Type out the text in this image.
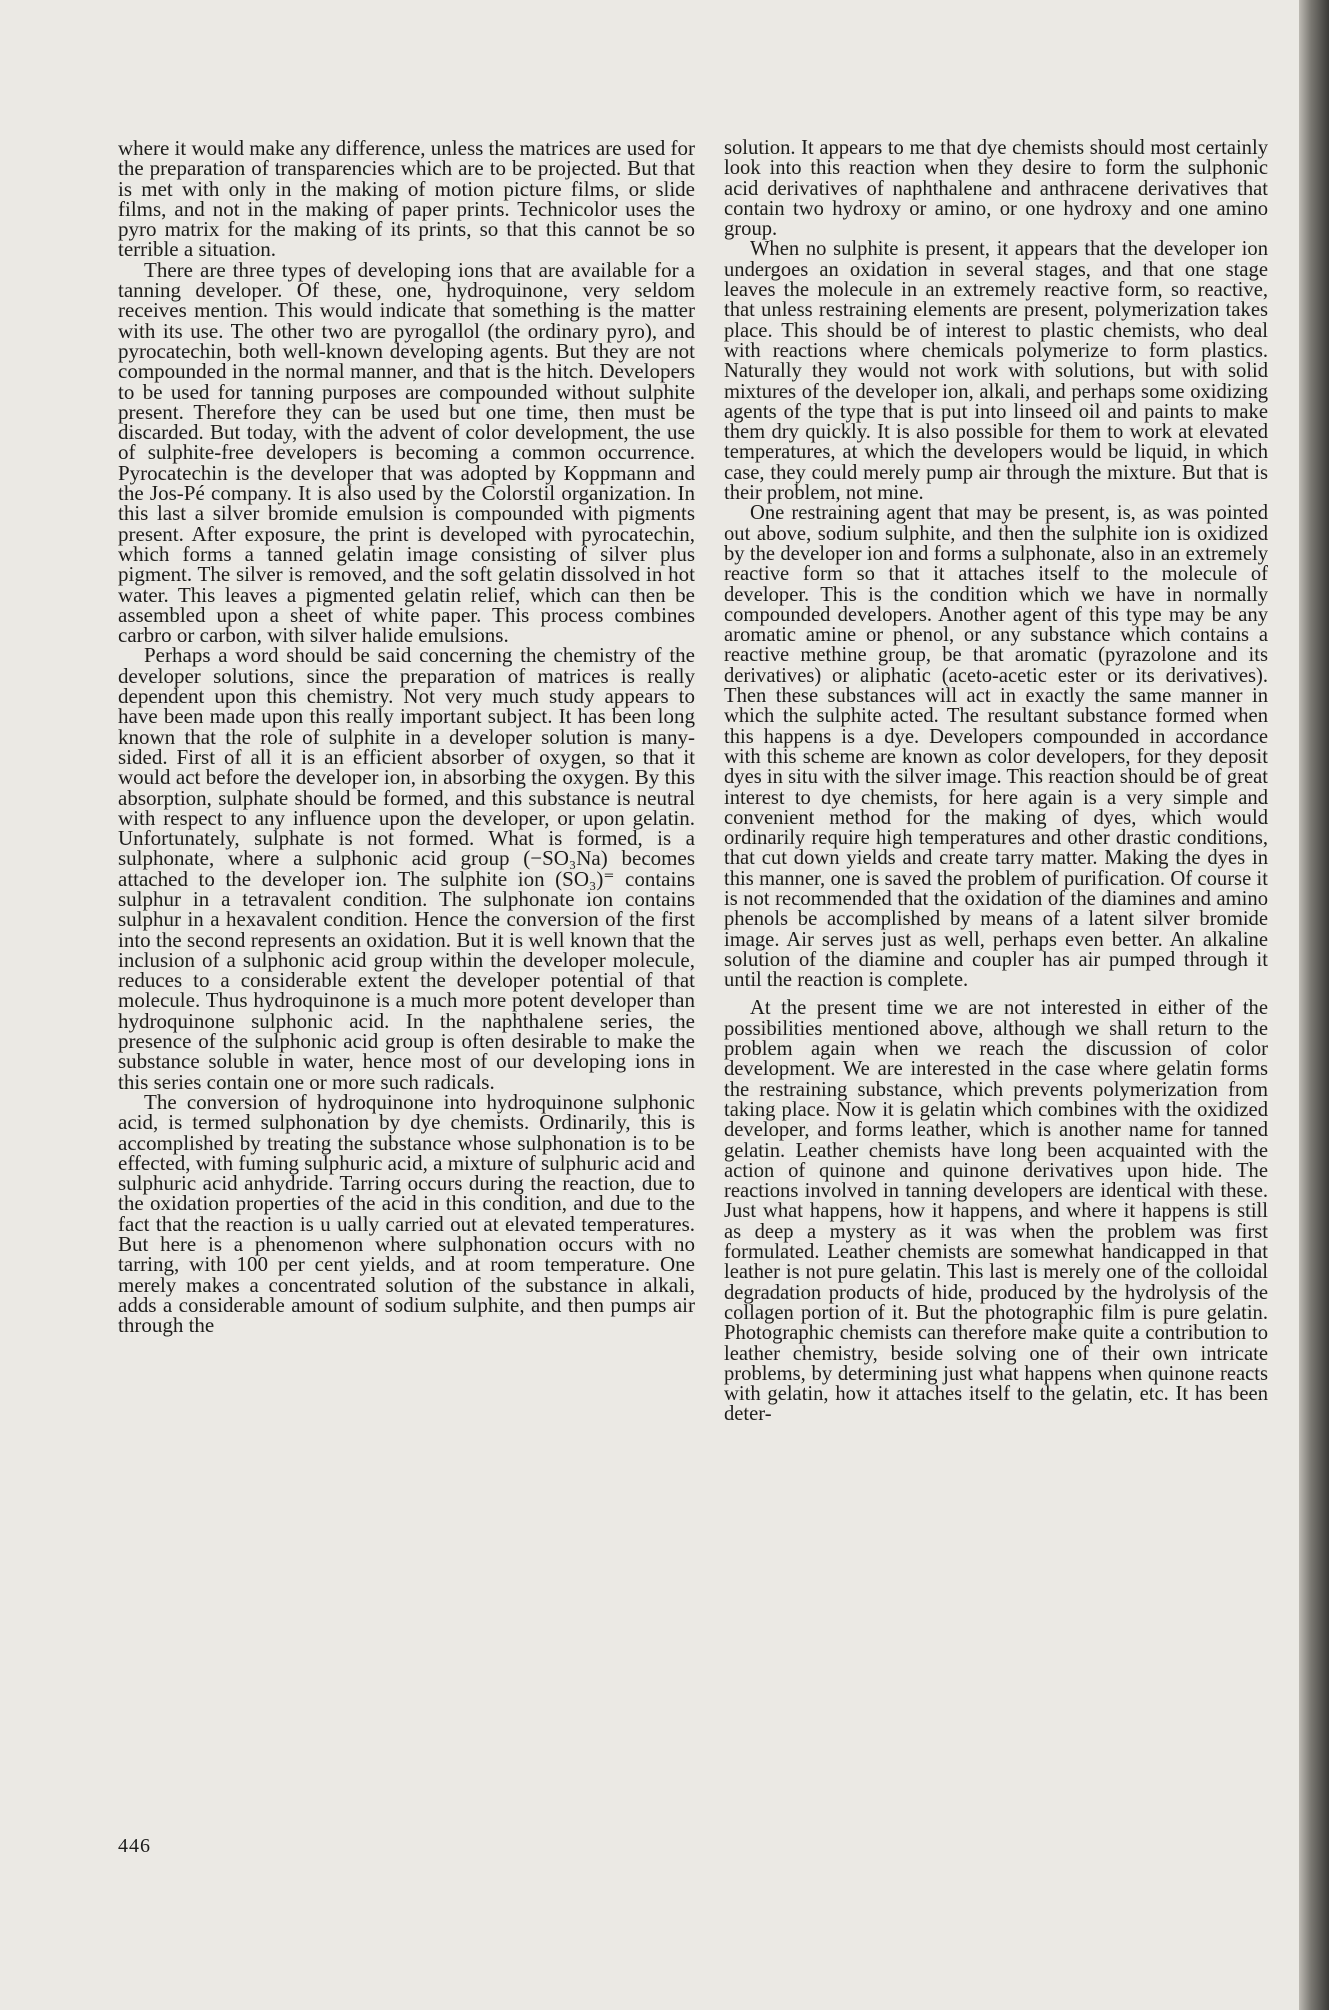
where it would make any difference, unless the matrices are used for the preparation of transparencies which are to be projected. But that is met with only in the making of motion picture films, or slide films, and not in the making of paper prints. Technicolor uses the pyro matrix for the making of its prints, so that this cannot be so terrible a situation.

There are three types of developing ions that are available for a tanning developer. Of these, one, hydroquinone, very seldom receives mention. This would indicate that something is the matter with its use. The other two are pyrogallol (the ordinary pyro), and pyrocatechin, both well-known developing agents. But they are not compounded in the normal manner, and that is the hitch. Developers to be used for tanning purposes are compounded without sulphite present. Therefore they can be used but one time, then must be discarded. But today, with the advent of color development, the use of sulphite-free developers is becoming a common occurrence. Pyrocatechin is the developer that was adopted by Koppmann and the Jos-Pé company. It is also used by the Colorstil organization. In this last a silver bromide emulsion is compounded with pigments present. After exposure, the print is developed with pyrocatechin, which forms a tanned gelatin image consisting of silver plus pigment. The silver is removed, and the soft gelatin dissolved in hot water. This leaves a pigmented gelatin relief, which can then be assembled upon a sheet of white paper. This process combines carbro or carbon, with silver halide emulsions.

Perhaps a word should be said concerning the chemistry of the developer solutions, since the preparation of matrices is really dependent upon this chemistry. Not very much study appears to have been made upon this really important subject. It has been long known that the role of sulphite in a developer solution is many-sided. First of all it is an efficient absorber of oxygen, so that it would act before the developer ion, in absorbing the oxygen. By this absorption, sulphate should be formed, and this substance is neutral with respect to any influence upon the developer, or upon gelatin. Unfortunately, sulphate is not formed. What is formed, is a sulphonate, where a sulphonic acid group (−SO₃Na) becomes attached to the developer ion. The sulphite ion (SO₃)⁼ contains sulphur in a tetravalent condition. The sulphonate ion contains sulphur in a hexavalent condition. Hence the conversion of the first into the second represents an oxidation. But it is well known that the inclusion of a sulphonic acid group within the developer molecule, reduces to a considerable extent the developer potential of that molecule. Thus hydroquinone is a much more potent developer than hydroquinone sulphonic acid. In the naphthalene series, the presence of the sulphonic acid group is often desirable to make the substance soluble in water, hence most of our developing ions in this series contain one or more such radicals.

The conversion of hydroquinone into hydroquinone sulphonic acid, is termed sulphonation by dye chemists. Ordinarily, this is accomplished by treating the substance whose sulphonation is to be effected, with fuming sulphuric acid, a mixture of sulphuric acid and sulphuric acid anhydride. Tarring occurs during the reaction, due to the oxidation properties of the acid in this condition, and due to the fact that the reaction is u ually carried out at elevated temperatures. But here is a phenomenon where sulphonation occurs with no tarring, with 100 per cent yields, and at room temperature. One merely makes a concentrated solution of the substance in alkali, adds a considerable amount of sodium sulphite, and then pumps air through the

solution. It appears to me that dye chemists should most certainly look into this reaction when they desire to form the sulphonic acid derivatives of naphthalene and anthracene derivatives that contain two hydroxy or amino, or one hydroxy and one amino group.

When no sulphite is present, it appears that the developer ion undergoes an oxidation in several stages, and that one stage leaves the molecule in an extremely reactive form, so reactive, that unless restraining elements are present, polymerization takes place. This should be of interest to plastic chemists, who deal with reactions where chemicals polymerize to form plastics. Naturally they would not work with solutions, but with solid mixtures of the developer ion, alkali, and perhaps some oxidizing agents of the type that is put into linseed oil and paints to make them dry quickly. It is also possible for them to work at elevated temperatures, at which the developers would be liquid, in which case, they could merely pump air through the mixture. But that is their problem, not mine.

One restraining agent that may be present, is, as was pointed out above, sodium sulphite, and then the sulphite ion is oxidized by the developer ion and forms a sulphonate, also in an extremely reactive form so that it attaches itself to the molecule of developer. This is the condition which we have in normally compounded developers. Another agent of this type may be any aromatic amine or phenol, or any substance which contains a reactive methine group, be that aromatic (pyrazolone and its derivatives) or aliphatic (aceto-acetic ester or its derivatives). Then these substances will act in exactly the same manner in which the sulphite acted. The resultant substance formed when this happens is a dye. Developers compounded in accordance with this scheme are known as color developers, for they deposit dyes in situ with the silver image. This reaction should be of great interest to dye chemists, for here again is a very simple and convenient method for the making of dyes, which would ordinarily require high temperatures and other drastic conditions, that cut down yields and create tarry matter. Making the dyes in this manner, one is saved the problem of purification. Of course it is not recommended that the oxidation of the diamines and amino phenols be accomplished by means of a latent silver bromide image. Air serves just as well, perhaps even better. An alkaline solution of the diamine and coupler has air pumped through it until the reaction is complete.

At the present time we are not interested in either of the possibilities mentioned above, although we shall return to the problem again when we reach the discussion of color development. We are interested in the case where gelatin forms the restraining substance, which prevents polymerization from taking place. Now it is gelatin which combines with the oxidized developer, and forms leather, which is another name for tanned gelatin. Leather chemists have long been acquainted with the action of quinone and quinone derivatives upon hide. The reactions involved in tanning developers are identical with these. Just what happens, how it happens, and where it happens is still as deep a mystery as it was when the problem was first formulated. Leather chemists are somewhat handicapped in that leather is not pure gelatin. This last is merely one of the colloidal degradation products of hide, produced by the hydrolysis of the collagen portion of it. But the photographic film is pure gelatin. Photographic chemists can therefore make quite a contribution to leather chemistry, beside solving one of their own intricate problems, by determining just what happens when quinone reacts with gelatin, how it attaches itself to the gelatin, etc. It has been deter-

446
